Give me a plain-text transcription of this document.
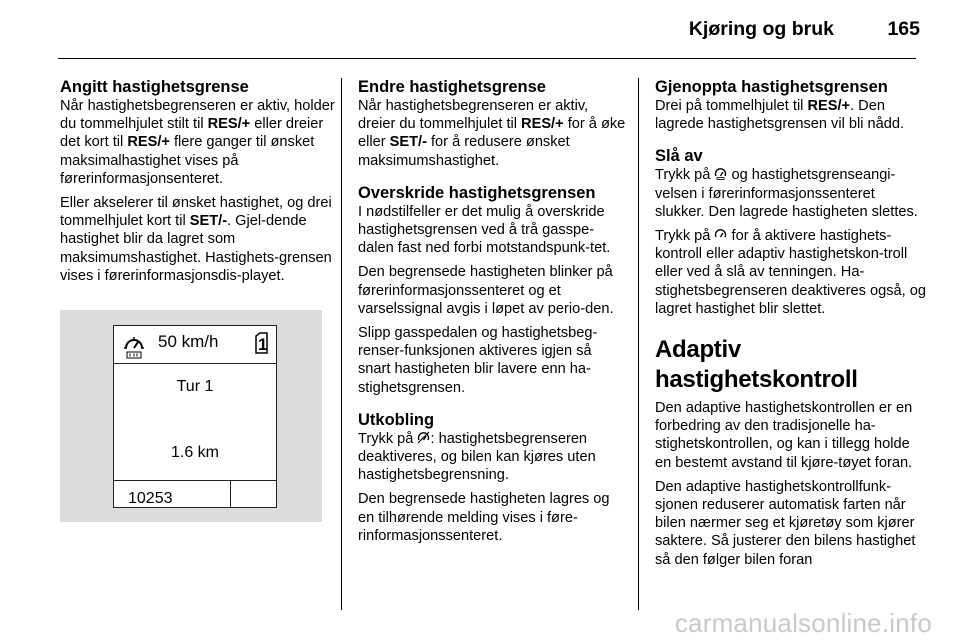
Kjøring og bruk	165
Angitt hastighetsgrense

Når hastighetsbegrenseren er aktiv, holder du tommelhjulet stilt til RES/+ eller dreier det kort til RES/+ flere ganger til ønsket maksimalhastighet vises på førerinformasjonsenteret.

Eller akselerer til ønsket hastighet, og drei tommelhjulet kort til SET/-. Gjel-dende hastighet blir da lagret som maksimumshastighet. Hastighets-grensen vises i førerinformasjonsdis-playet.

50 km/h 1
Tur 1
1.6 km
10253
Endre hastighetsgrense

Når hastighetsbegrenseren er aktiv, dreier du tommelhjulet til RES/+ for å øke eller SET/- for å redusere ønsket maksimumshastighet.

Overskride hastighetsgrensen

I nødstilfeller er det mulig å overskride hastighetsgrensen ved å trå gasspe-dalen fast ned forbi motstandspunk-tet.

Den begrensede hastigheten blinker på førerinformasjonssenteret og et varselssignal avgis i løpet av perio-den.

Slipp gasspedalen og hastighetsbeg-renser-funksjonen aktiveres igjen så snart hastigheten blir lavere enn ha-stighetsgrensen.

Utkobling

Trykk på : hastighetsbegrenseren deaktiveres, og bilen kan kjøres uten hastighetsbegrensning.

Den begrensede hastigheten lagres og en tilhørende melding vises i føre-rinformasjonssenteret.

Gjenoppta hastighetsgrensen

Drei på tommelhjulet til RES/+. Den lagrede hastighetsgrensen vil bli nådd.

Slå av

Trykk på  og hastighetsgrenseangi-velsen i førerinformasjonssenteret slukker. Den lagrede hastigheten slettes.

Trykk på  for å aktivere hastighets-kontroll eller adaptiv hastighetskon-troll eller ved å slå av tenningen. Ha-stighetsbegrenseren deaktiveres også, og lagret hastighet blir slettet.

Adaptiv hastighetskontroll

Den adaptive hastighetskontrollen er en forbedring av den tradisjonelle ha-stighetskontrollen, og kan i tillegg holde en bestemt avstand til kjøre-tøyet foran.

Den adaptive hastighetskontrollfunk-sjonen reduserer automatisk farten når bilen nærmer seg et kjøretøy som kjører saktere. Så justerer den bilens hastighet så den følger bilen foran

carmanualsonline.info
